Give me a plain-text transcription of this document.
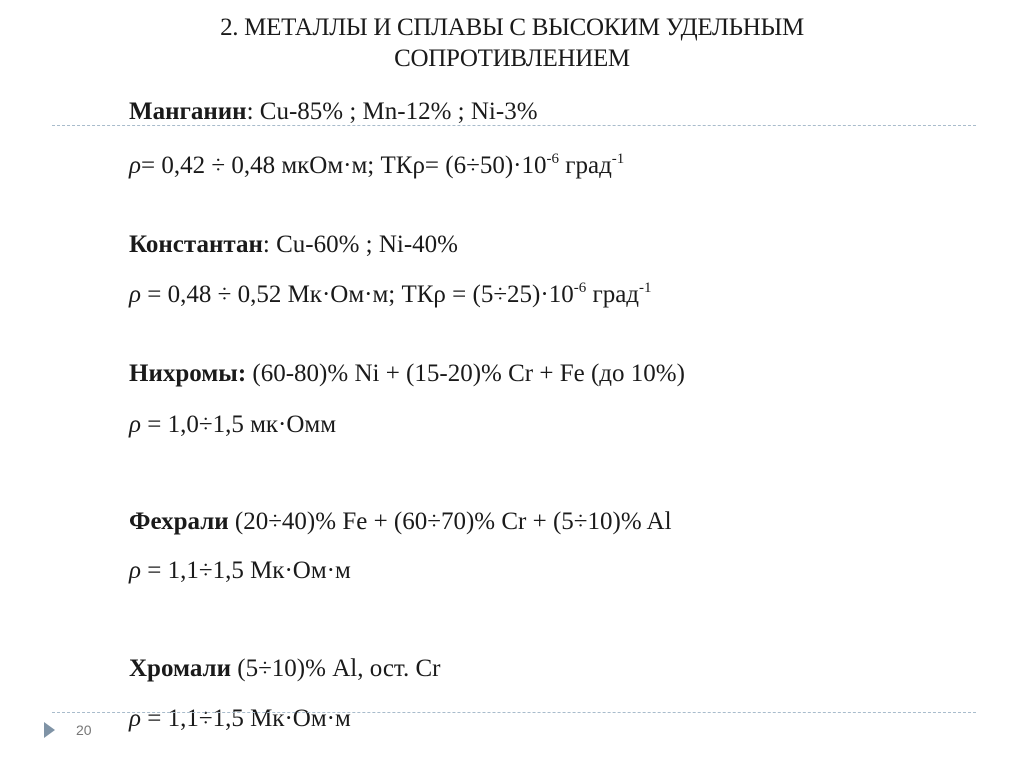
2. МЕТАЛЛЫ И СПЛАВЫ С ВЫСОКИМ УДЕЛЬНЫМ
СОПРОТИВЛЕНИЕМ
Манганин: Cu-85% ; Mn-12% ; Ni-3%
ρ= 0,42 ÷ 0,48 мкОм·м; $ТК\rho= (6\div 50)\cdot 10^{-6}$ град$^{-1}$
Константан: Cu-60% ; Ni-40%
ρ = 0,48 ÷ 0,52 Мк·Ом·м; $ТК\rho = (5\div 25)\cdot 10^{-6}$ град$^{-1}$
Нихромы: (60-80)% Ni + (15-20)% Cr + Fe (до 10%)
ρ = 1,0÷1,5 мк·Омм
Фехрали (20÷40)% Fe + (60÷70)% Cr + (5÷10)% Al
ρ = 1,1÷1,5 Мк·Ом·м
Хромали (5÷10)% Al, ост. Cr
ρ = 1,1÷1,5 Мк·Ом·м
20
